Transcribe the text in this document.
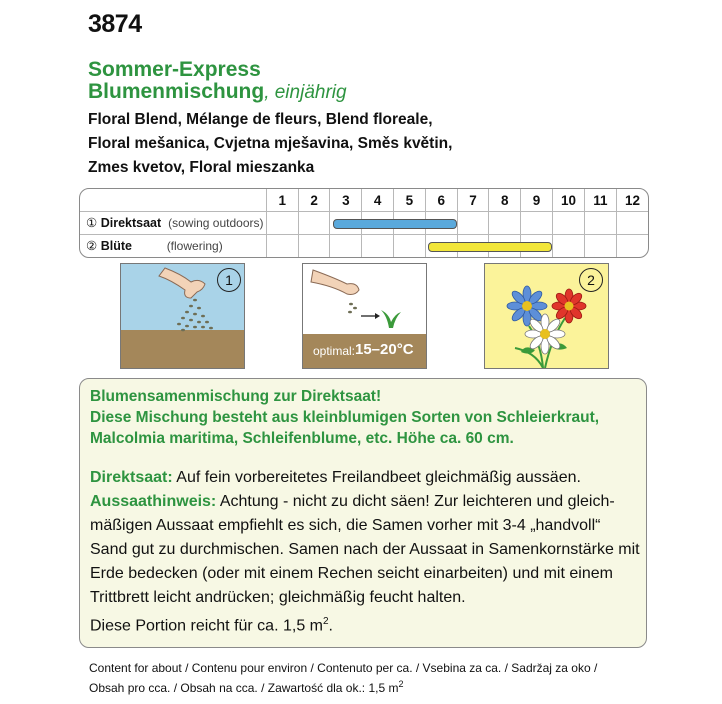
3874
Sommer-Express
Blumenmischung, einjährig
Floral Blend, Mélange de fleurs, Blend floreale,
Floral mešanica, Cvjetna mješavina, Směs květin,
Zmes kvetov, Floral mieszanka
	1	2	3	4	5	6	7	8	9	10	11	12
① Direktsaat (sowing outdoors)												
② Blüte (flowering)												
1
optimal: 15–20°C
2
Blumensamenmischung zur Direktsaat!
Diese Mischung besteht aus kleinblumigen Sorten von Schleierkraut,
Malcolmia maritima, Schleifenblume, etc. Höhe ca. 60 cm.
Direktsaat: Auf fein vorbereitetes Freilandbeet gleichmäßig aussäen.
Aussaathinweis: Achtung - nicht zu dicht säen! Zur leichteren und gleich-
mäßigen Aussaat empfiehlt es sich, die Samen vorher mit 3-4 „handvoll“
Sand gut zu durchmischen. Samen nach der Aussaat in Samenkornstärke mit
Erde bedecken (oder mit einem Rechen seicht einarbeiten) und mit einem
Trittbrett leicht andrücken; gleichmäßig feucht halten.
Diese Portion reicht für ca. 1,5 $m^2$.
Content for about / Contenu pour environ / Contenuto per ca. / Vsebina za ca. / Sadržaj za oko /
Obsah pro cca. / Obsah na cca. / Zawartość dla ok.: 1,5 $m^2$
